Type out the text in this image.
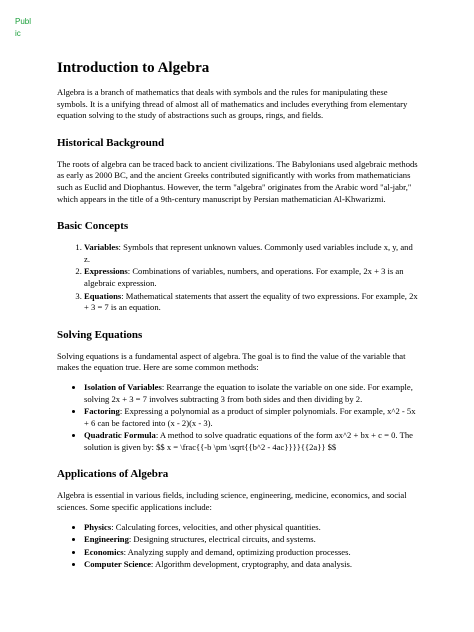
Public
Introduction to Algebra

Algebra is a branch of mathematics that deals with symbols and the rules for manipulating these symbols. It is a unifying thread of almost all of mathematics and includes everything from elementary equation solving to the study of abstractions such as groups, rings, and fields.

Historical Background

The roots of algebra can be traced back to ancient civilizations. The Babylonians used algebraic methods as early as 2000 BC, and the ancient Greeks contributed significantly with works from mathematicians such as Euclid and Diophantus. However, the term "algebra" originates from the Arabic word "al-jabr," which appears in the title of a 9th-century manuscript by Persian mathematician Al-Khwarizmi.

Basic Concepts
1. Variables: Symbols that represent unknown values. Commonly used variables include x, y, and z.
2. Expressions: Combinations of variables, numbers, and operations. For example, 2x + 3 is an algebraic expression.
3. Equations: Mathematical statements that assert the equality of two expressions. For example, 2x + 3 = 7 is an equation.
Solving Equations

Solving equations is a fundamental aspect of algebra. The goal is to find the value of the variable that makes the equation true. Here are some common methods:

• Isolation of Variables: Rearrange the equation to isolate the variable on one side. For example, solving 2x + 3 = 7 involves subtracting 3 from both sides and then dividing by 2.
• Factoring: Expressing a polynomial as a product of simpler polynomials. For example, x^2 - 5x + 6 can be factored into (x - 2)(x - 3).
• Quadratic Formula: A method to solve quadratic equations of the form ax^2 + bx + c = 0. The solution is given by: $$ x = \frac{{-b \pm \sqrt{{b^2 - 4ac}}}}{{2a}} $$
Applications of Algebra

Algebra is essential in various fields, including science, engineering, medicine, economics, and social sciences. Some specific applications include:

• Physics: Calculating forces, velocities, and other physical quantities.
• Engineering: Designing structures, electrical circuits, and systems.
• Economics: Analyzing supply and demand, optimizing production processes.
• Computer Science: Algorithm development, cryptography, and data analysis.
